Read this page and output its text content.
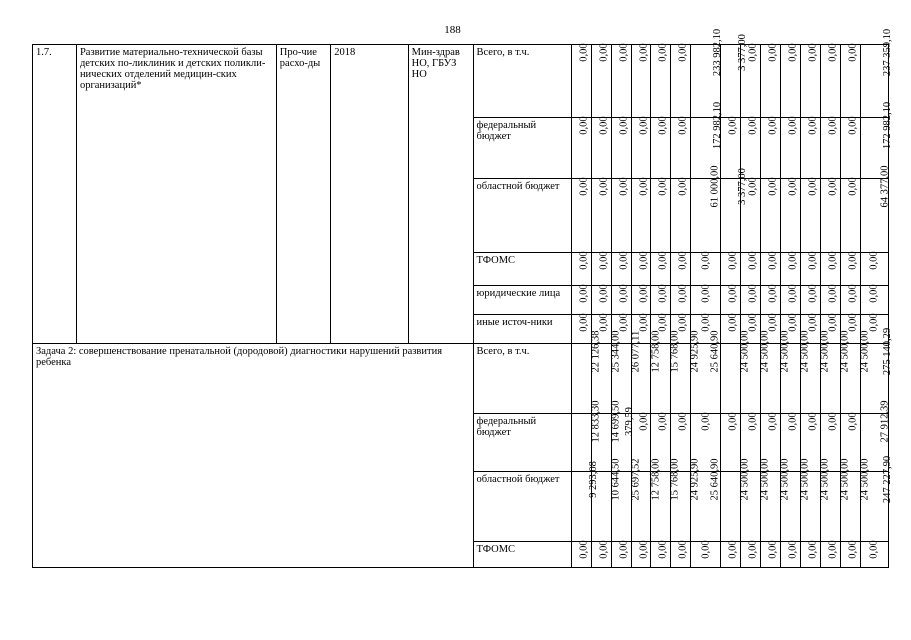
188
1.7.	Развитие материально-технической базы детских по-ликлиник и детских поликли-нических отделений медицин-ских организаций*	Про-чие расхо-ды	2018	Мин-здрав НО, ГБУЗ НО	Всего, в т.ч.	0,00	0,00	0,00	0,00	0,00	0,00	233 982,10	3 377,00	0,00	0,00	0,00	0,00	0,00	0,00	237 359,10
					федеральный бюджет	0,00	0,00	0,00	0,00	0,00	0,00	172 982,10	0,00	0,00	0,00	0,00	0,00	0,00	0,00	172 982,10
					областной бюджет	0,00	0,00	0,00	0,00	0,00	0,00	61 000,00	3 377,00	0,00	0,00	0,00	0,00	0,00	0,00	64 377,00
					ТФОМС	0,00	0,00	0,00	0,00	0,00	0,00	0,00	0,00	0,00	0,00	0,00	0,00	0,00	0,00	0,00
					юридические лица	0,00	0,00	0,00	0,00	0,00	0,00	0,00	0,00	0,00	0,00	0,00	0,00	0,00	0,00	0,00
					иные источ-ники	0,00	0,00	0,00	0,00	0,00	0,00	0,00	0,00	0,00	0,00	0,00	0,00	0,00	0,00	0,00
Задача 2: совершенствование пренатальной (дородовой) диагностики нарушений развития ребенка					Всего, в т.ч.	22 126,38	25 344,00	26 077,11	12 758,00	15 768,00	24 925,90	25 640,90	24 500,00	24 500,00	24 500,00	24 500,00	24 500,00	24 500,00	24 500,00	275 140,29
					федеральный бюджет	12 833,30	14 699,50	379,59	0,00	0,00	0,00	0,00	0,00	0,00	0,00	0,00	0,00	0,00	0,00	27 912,39
					областной бюджет	9 293,08	10 644,50	25 697,52	12 758,00	15 768,00	24 925,90	25 640,90	24 500,00	24 500,00	24 500,00	24 500,00	24 500,00	24 500,00	24 500,00	247 227,90
					ТФОМС	0,00	0,00	0,00	0,00	0,00	0,00	0,00	0,00	0,00	0,00	0,00	0,00	0,00	0,00	0,00
